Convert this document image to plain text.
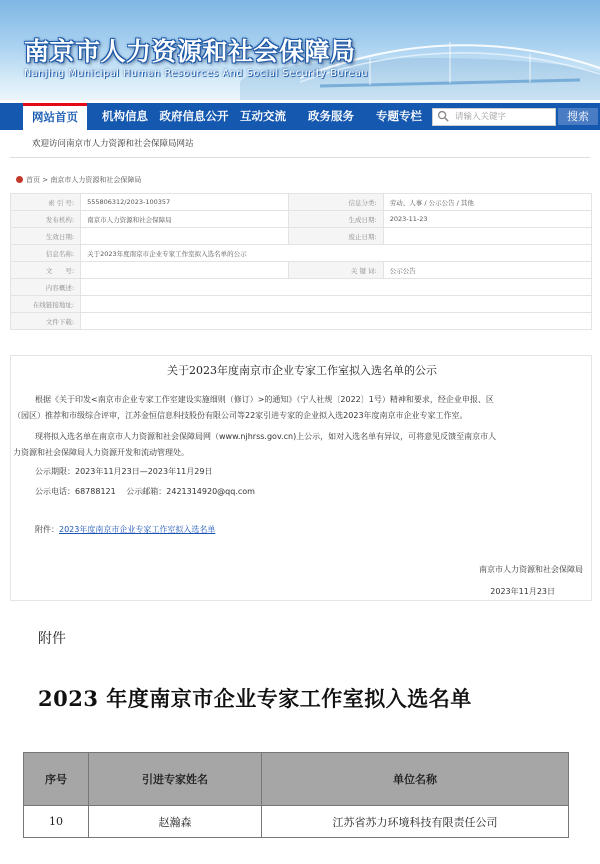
南京市人力资源和社会保障局
Nanjing Municipal Human Resources And Social Security Bureau
网站首页	机构信息	政府信息公开	互动交流	政务服务	专题专栏	请输入关键字	搜索
欢迎访问南京市人力资源和社会保障局网站
首页 > 南京市人力资源和社会保障局
索 引 号:	555806312/2023-100357	信息分类:	劳动、人事 / 公示公告 / 其他
发布机构:	南京市人力资源和社会保障局	生成日期:	2023-11-23
生效日期:		废止日期:	
信息名称:	关于2023年度南京市企业专家工作室拟入选名单的公示		
文　　号:		关 键 词:	公示公告
内容概述:			
在线链接地址:			
文件下载:			
关于2023年度南京市企业专家工作室拟入选名单的公示
根据《关于印发<南京市企业专家工作室建设实施细则（修订）>的通知》（宁人社规〔2022〕1号）精神和要求，经企业申报、区
（园区）推荐和市级综合评审，江苏金恒信息科技股份有限公司等22家引进专家的企业拟入选2023年度南京市企业专家工作室。
现将拟入选名单在南京市人力资源和社会保障局网（www.njhrss.gov.cn)上公示，如对入选名单有异议，可将意见反馈至南京市人
力资源和社会保障局人力资源开发和流动管理处。
公示期限：2023年11月23日—2023年11月29日
公示电话：68788121　 公示邮箱：2421314920@qq.com
附件：2023年度南京市企业专家工作室拟入选名单
南京市人力资源和社会保障局
2023年11月23日
附件
2023 年度南京市企业专家工作室拟入选名单
序号	引进专家姓名	单位名称
10	赵瀚森	江苏省苏力环境科技有限责任公司
